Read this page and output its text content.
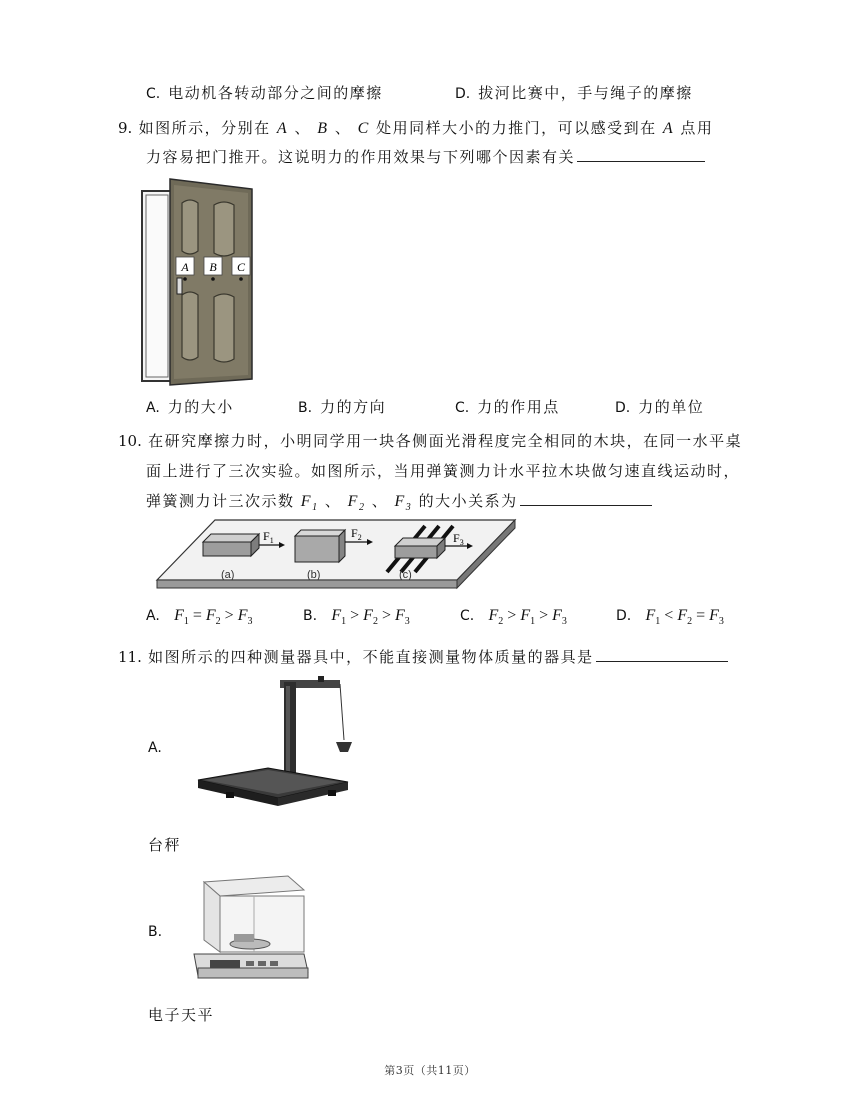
C. 电动机各转动部分之间的摩擦	D. 拔河比赛中，手与绳子的摩擦
9. 如图所示，分别在 A 、 B 、 C 处用同样大小的力推门，可以感受到在 A 点用
力容易把门推开。这说明力的作用效果与下列哪个因素有关
A B C
A. 力的大小	B. 力的方向	C. 力的作用点	D. 力的单位
10. 在研究摩擦力时，小明同学用一块各侧面光滑程度完全相同的木块，在同一水平桌
面上进行了三次实验。如图所示，当用弹簧测力计水平拉木块做匀速直线运动时，
弹簧测力计三次示数 $F_1$ 、 $F_2$ 、 $F_3$ 的大小关系为
$F_1$
$F_2$	$F_3$
(a)	(b)	(c)
A. $F_1 = F_2 > F_3$	B. $F_1 > F_2 > F_3$	C. $F_2 > F_1 > F_3$	D. $F_1 < F_2 = F_3$
11. 如图所示的四种测量器具中，不能直接测量物体质量的器具是
A.
台秤
B.
电子天平
第3页（共11页）
